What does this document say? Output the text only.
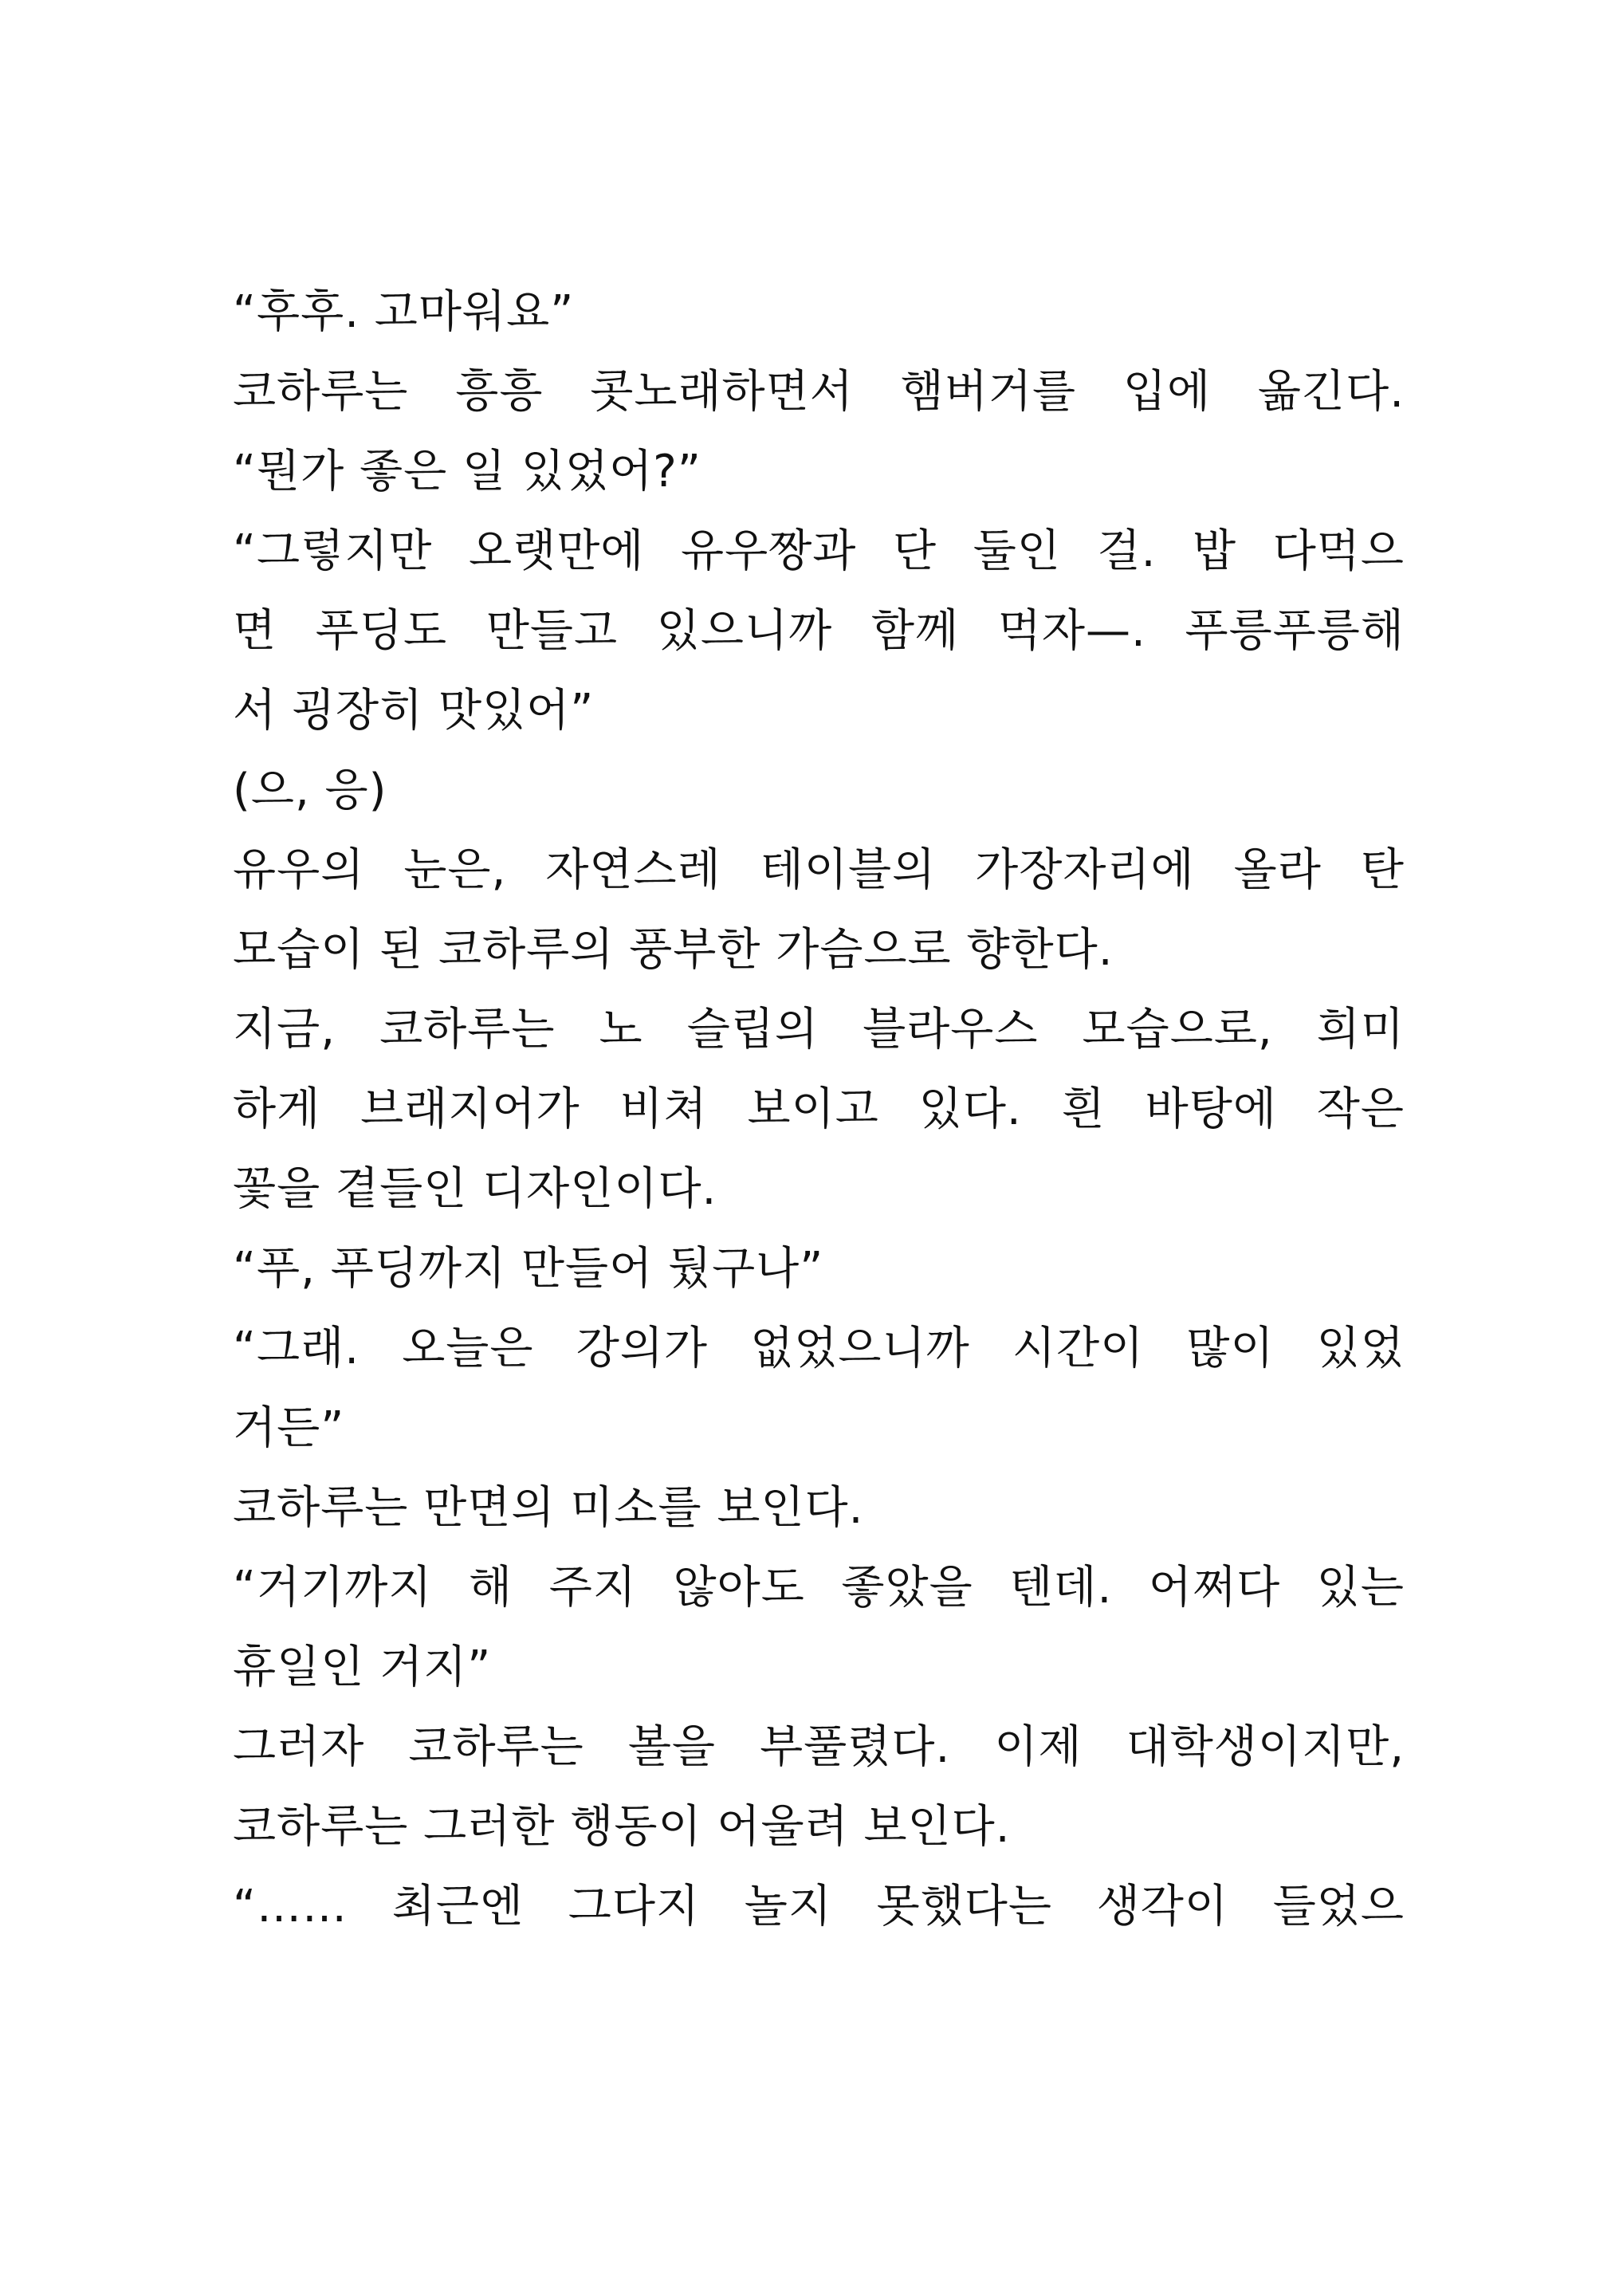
“후후. 고마워요”
코하루는 흥흥 콧노래하면서 햄버거를 입에 옮긴다.
“뭔가 좋은 일 있었어?”
“그렇지만 오랫만에 유우짱과 단 둘인 걸. 밥 다먹으
면 푸딩도 만들고 있으니까 함께 먹자—. 푸릉푸릉해
서 굉장히 맛있어”
(으, 응)
유우의 눈은, 자연스레 테이블의 가장자리에 올라 탄
모습이 된 코하루의 풍부한 가슴으로 향한다.
지금, 코하루는 노 슬립의 블라우스 모습으로, 희미
하게 브래지어가 비쳐 보이고 있다. 흰 바탕에 작은
꽃을 곁들인 디자인이다.
“푸, 푸딩까지 만들어 뒀구나”
“그래. 오늘은 강의가 없었으니까 시간이 많이 있었
거든”
코하루는 만면의 미소를 보인다.
“거기까지 해 주지 않아도 좋았을 텐데. 어쩌다 있는
휴일인 거지”
그러자 코하루는 볼을 부풀렸다. 이제 대학생이지만,
코하루는 그러한 행동이 어울려 보인다.
“…… 최근엔 그다지 놀지 못했다는 생각이 들었으
